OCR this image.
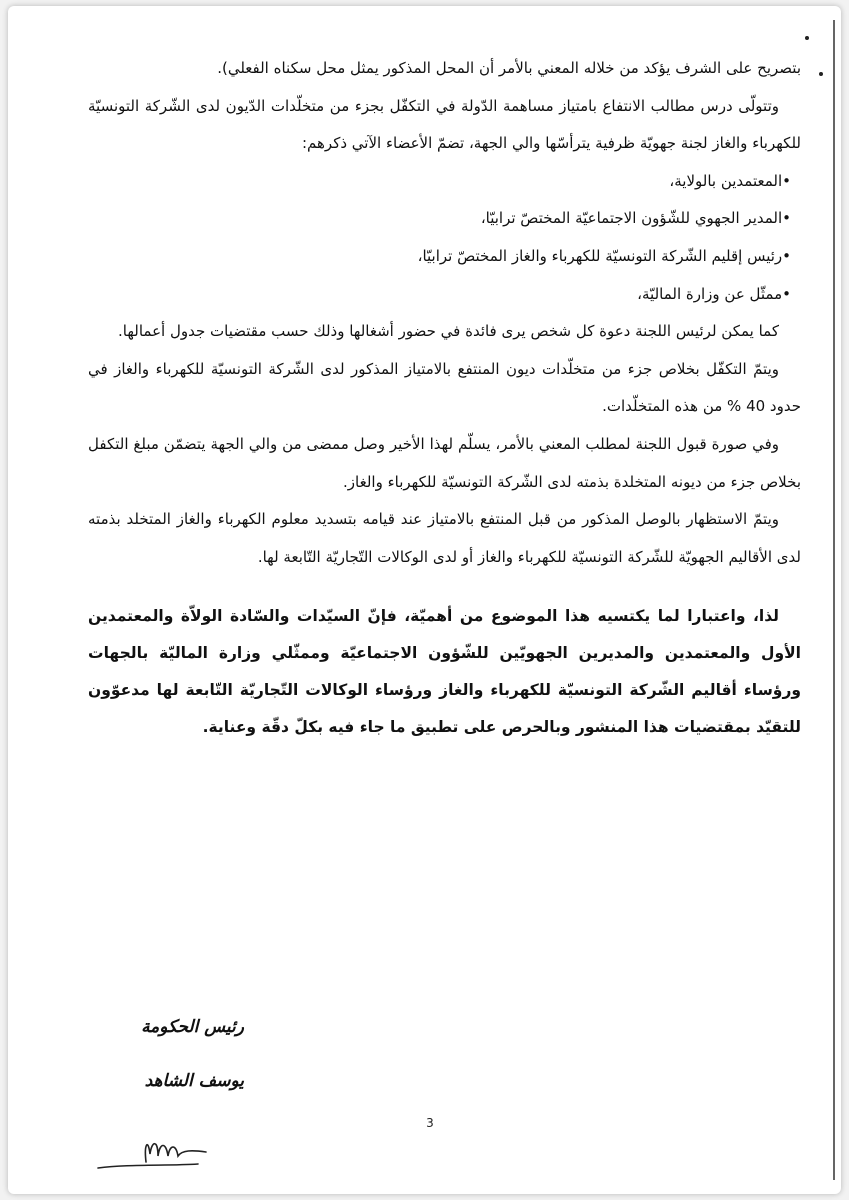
بتصريح على الشرف يؤكد من خلاله المعني بالأمر أن المحل المذكور يمثل محل سكناه الفعلي).

وتتولّى درس مطالب الانتفاع بامتياز مساهمة الدّولة في التكفّل بجزء من متخلّدات الدّيون لدى الشّركة التونسيّة للكهرباء والغاز لجنة جهويّة ظرفية يترأسّها والي الجهة، تضمّ الأعضاء الآتي ذكرهم:

•المعتمدين بالولاية،

•المدير الجهوي للشّؤون الاجتماعيّة المختصّ ترابيّا،

•رئيس إقليم الشّركة التونسيّة للكهرباء والغاز المختصّ ترابيّا،

•ممثّل عن وزارة الماليّة،

كما يمكن لرئيس اللجنة دعوة كل شخص يرى فائدة في حضور أشغالها وذلك حسب مقتضيات جدول أعمالها.

ويتمّ التكفّل بخلاص جزء من متخلّدات ديون المنتفع بالامتياز المذكور لدى الشّركة التونسيّة للكهرباء والغاز في حدود 40 % من هذه المتخلّدات.

وفي صورة قبول اللجنة لمطلب المعني بالأمر، يسلّم لهذا الأخير وصل ممضى من والي الجهة يتضمّن مبلغ التكفل بخلاص جزء من ديونه المتخلدة بذمته لدى الشّركة التونسيّة للكهرباء والغاز.

ويتمّ الاستظهار بالوصل المذكور من قبل المنتفع بالامتياز عند قيامه بتسديد معلوم الكهرباء والغاز المتخلد بذمته لدى الأقاليم الجهويّة للشّركة التونسيّة للكهرباء والغاز أو لدى الوكالات التّجاريّة التّابعة لها.

لذا، واعتبارا لما يكتسيه هذا الموضوع من أهميّة، فإنّ السيّدات والسّادة الولاّة والمعتمدين الأول والمعتمدين والمديرين الجهويّين للشّؤون الاجتماعيّة وممثّلي وزارة الماليّة بالجهات ورؤساء أقاليم الشّركة التونسيّة للكهرباء والغاز ورؤساء الوكالات التّجاريّة التّابعة لها مدعوّون للتقيّد بمقتضيات هذا المنشور وبالحرص على تطبيق ما جاء فيه بكلّ دقّة وعناية.

رئيس الحكومة
يوسف الشاهد
3
